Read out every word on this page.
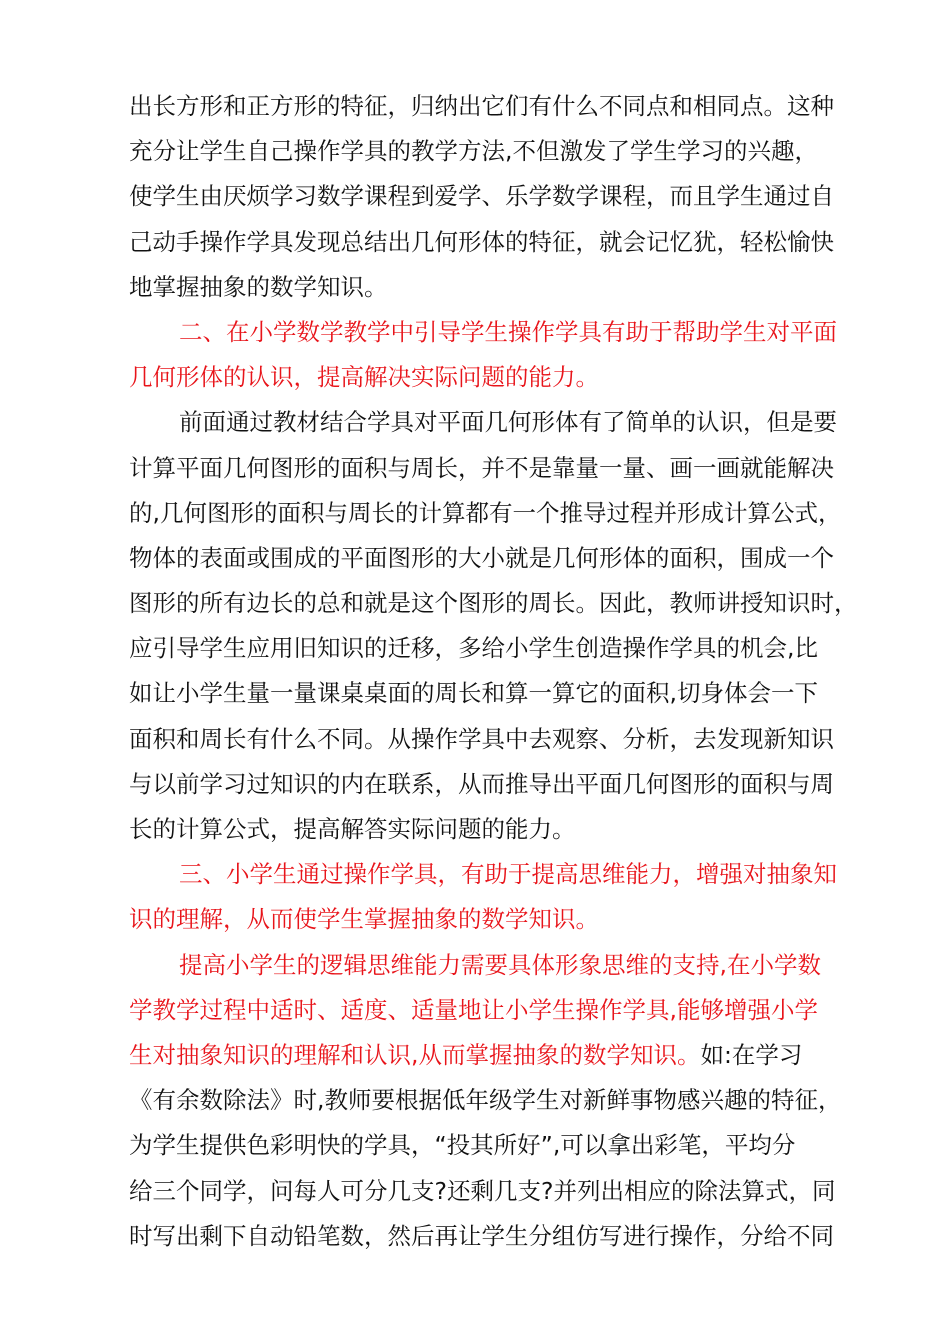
出长方形和正方形的特征，归纳出它们有什么不同点和相同点。这种
充分让学生自己操作学具的教学方法,不但激发了学生学习的兴趣，
使学生由厌烦学习数学课程到爱学、乐学数学课程，而且学生通过自
己动手操作学具发现总结出几何形体的特征，就会记忆犹，轻松愉快
地掌握抽象的数学知识。
二、在小学数学教学中引导学生操作学具有助于帮助学生对平面
几何形体的认识，提高解决实际问题的能力。
前面通过教材结合学具对平面几何形体有了简单的认识，但是要
计算平面几何图形的面积与周长，并不是靠量一量、画一画就能解决
的,几何图形的面积与周长的计算都有一个推导过程并形成计算公式，
物体的表面或围成的平面图形的大小就是几何形体的面积，围成一个
图形的所有边长的总和就是这个图形的周长。因此，教师讲授知识时，
应引导学生应用旧知识的迁移，多给小学生创造操作学具的机会,比
如让小学生量一量课桌桌面的周长和算一算它的面积,切身体会一下
面积和周长有什么不同。从操作学具中去观察、分析，去发现新知识
与以前学习过知识的内在联系，从而推导出平面几何图形的面积与周
长的计算公式，提高解答实际问题的能力。
三、小学生通过操作学具，有助于提高思维能力，增强对抽象知
识的理解，从而使学生掌握抽象的数学知识。
提高小学生的逻辑思维能力需要具体形象思维的支持,在小学数
学教学过程中适时、适度、适量地让小学生操作学具,能够增强小学
生对抽象知识的理解和认识,从而掌握抽象的数学知识。如:在学习
《有余数除法》时,教师要根据低年级学生对新鲜事物感兴趣的特征，
为学生提供色彩明快的学具，“投其所好”,可以拿出彩笔，平均分
给三个同学，问每人可分几支?还剩几支?并列出相应的除法算式，同
时写出剩下自动铅笔数，然后再让学生分组仿写进行操作，分给不同
